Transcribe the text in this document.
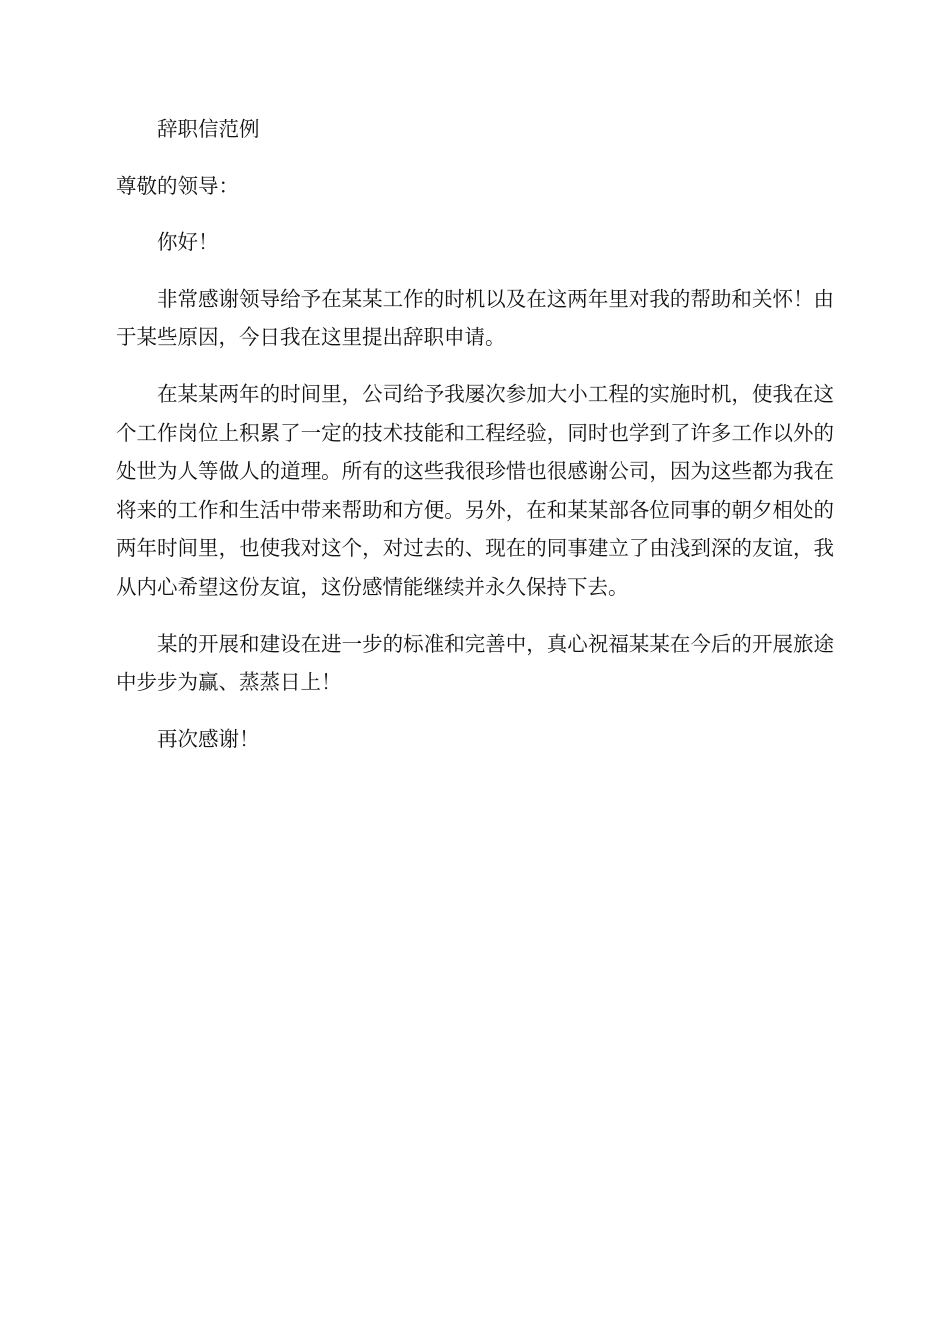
辞职信范例

尊敬的领导：

你好！

非常感谢领导给予在某某工作的时机以及在这两年里对我的帮助和关怀！由于某些原因，今日我在这里提出辞职申请。

在某某两年的时间里，公司给予我屡次参加大小工程的实施时机，使我在这个工作岗位上积累了一定的技术技能和工程经验，同时也学到了许多工作以外的处世为人等做人的道理。所有的这些我很珍惜也很感谢公司，因为这些都为我在将来的工作和生活中带来帮助和方便。另外，在和某某部各位同事的朝夕相处的两年时间里，也使我对这个，对过去的、现在的同事建立了由浅到深的友谊，我从内心希望这份友谊，这份感情能继续并永久保持下去。

某的开展和建设在进一步的标准和完善中，真心祝福某某在今后的开展旅途中步步为赢、蒸蒸日上！

再次感谢！
